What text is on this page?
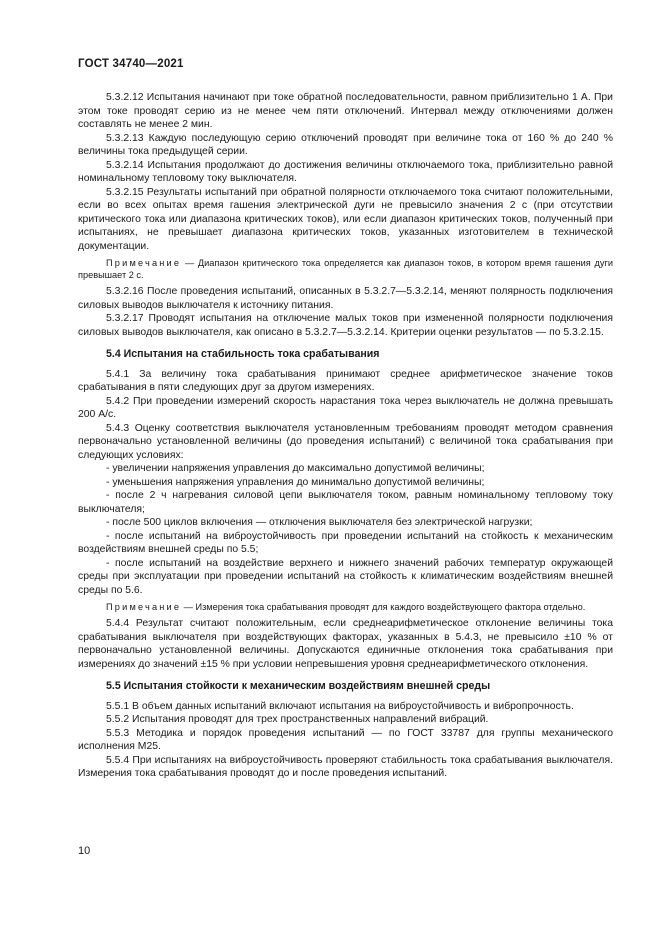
ГОСТ 34740—2021

5.3.2.12 Испытания начинают при токе обратной последовательности, равном приблизительно 1 А. При этом токе проводят серию из не менее чем пяти отключений. Интервал между отключениями должен составлять не менее 2 мин.

5.3.2.13 Каждую последующую серию отключений проводят при величине тока от 160 % до 240 % величины тока предыдущей серии.

5.3.2.14 Испытания продолжают до достижения величины отключаемого тока, приблизительно равной номинальному тепловому току выключателя.

5.3.2.15 Результаты испытаний при обратной полярности отключаемого тока считают положительными, если во всех опытах время гашения электрической дуги не превысило значения 2 с (при отсутствии критического тока или диапазона критических токов), или если диапазон критических токов, полученный при испытаниях, не превышает диапазона критических токов, указанных изготовителем в технической документации.

Примечание — Диапазон критического тока определяется как диапазон токов, в котором время гашения дуги превышает 2 с.

5.3.2.16 После проведения испытаний, описанных в 5.3.2.7—5.3.2.14, меняют полярность подключения силовых выводов выключателя к источнику питания.

5.3.2.17 Проводят испытания на отключение малых токов при измененной полярности подключения силовых выводов выключателя, как описано в 5.3.2.7—5.3.2.14. Критерии оценки результатов — по 5.3.2.15.

5.4 Испытания на стабильность тока срабатывания

5.4.1 За величину тока срабатывания принимают среднее арифметическое значение токов срабатывания в пяти следующих друг за другом измерениях.

5.4.2 При проведении измерений скорость нарастания тока через выключатель не должна превышать 200 А/с.

5.4.3 Оценку соответствия выключателя установленным требованиям проводят методом сравнения первоначально установленной величины (до проведения испытаний) с величиной тока срабатывания при следующих условиях:

- увеличении напряжения управления до максимально допустимой величины;

- уменьшения напряжения управления до минимально допустимой величины;

- после 2 ч нагревания силовой цепи выключателя током, равным номинальному тепловому току выключателя;

- после 500 циклов включения — отключения выключателя без электрической нагрузки;

- после испытаний на виброустойчивость при проведении испытаний на стойкость к механическим воздействиям внешней среды по 5.5;

- после испытаний на воздействие верхнего и нижнего значений рабочих температур окружающей среды при эксплуатации при проведении испытаний на стойкость к климатическим воздействиям внешней среды по 5.6.

Примечание — Измерения тока срабатывания проводят для каждого воздействующего фактора отдельно.

5.4.4 Результат считают положительным, если среднеарифметическое отклонение величины тока срабатывания выключателя при воздействующих факторах, указанных в 5.4.3, не превысило ±10 % от первоначально установленной величины. Допускаются единичные отклонения тока срабатывания при измерениях до значений ±15 % при условии непревышения уровня среднеарифметического отклонения.

5.5 Испытания стойкости к механическим воздействиям внешней среды

5.5.1 В объем данных испытаний включают испытания на виброустойчивость и вибропрочность.

5.5.2 Испытания проводят для трех пространственных направлений вибраций.

5.5.3 Методика и порядок проведения испытаний — по ГОСТ 33787 для группы механического исполнения М25.

5.5.4 При испытаниях на виброустойчивость проверяют стабильность тока срабатывания выключателя. Измерения тока срабатывания проводят до и после проведения испытаний.

10
